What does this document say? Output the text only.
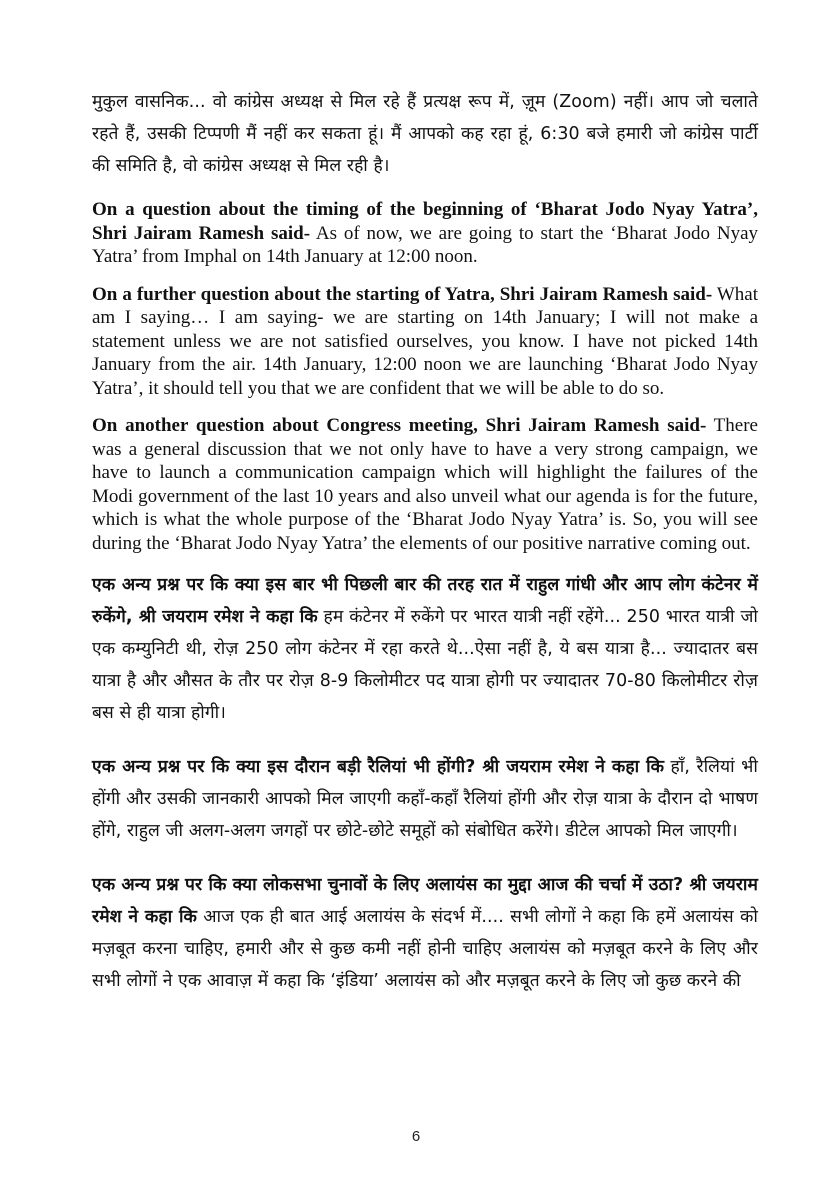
मुकुल वासनिक... वो कांग्रेस अध्यक्ष से मिल रहे हैं प्रत्यक्ष रूप में, ज़ूम (Zoom) नहीं। आप जो चलाते रहते हैं, उसकी टिप्पणी मैं नहीं कर सकता हूं। मैं आपको कह रहा हूं, 6:30 बजे हमारी जो कांग्रेस पार्टी की समिति है, वो कांग्रेस अध्यक्ष से मिल रही है।

On a question about the timing of the beginning of ‘Bharat Jodo Nyay Yatra’, Shri Jairam Ramesh said- As of now, we are going to start the ‘Bharat Jodo Nyay Yatra’ from Imphal on 14th January at 12:00 noon.

On a further question about the starting of Yatra, Shri Jairam Ramesh said- What am I saying… I am saying- we are starting on 14th January; I will not make a statement unless we are not satisfied ourselves, you know. I have not picked 14th January from the air. 14th January, 12:00 noon we are launching ‘Bharat Jodo Nyay Yatra’, it should tell you that we are confident that we will be able to do so.

On another question about Congress meeting, Shri Jairam Ramesh said- There was a general discussion that we not only have to have a very strong campaign, we have to launch a communication campaign which will highlight the failures of the Modi government of the last 10 years and also unveil what our agenda is for the future, which is what the whole purpose of the ‘Bharat Jodo Nyay Yatra’ is. So, you will see during the ‘Bharat Jodo Nyay Yatra’ the elements of our positive narrative coming out.

एक अन्य प्रश्न पर कि क्या इस बार भी पिछली बार की तरह रात में राहुल गांधी और आप लोग कंटेनर में रुकेंगे, श्री जयराम रमेश ने कहा कि हम कंटेनर में रुकेंगे पर भारत यात्री नहीं रहेंगे... 250 भारत यात्री जो एक कम्युनिटी थी, रोज़ 250 लोग कंटेनर में रहा करते थे...ऐसा नहीं है, ये बस यात्रा है... ज्यादातर बस यात्रा है और औसत के तौर पर रोज़ 8-9 किलोमीटर पद यात्रा होगी पर ज्यादातर 70-80 किलोमीटर रोज़ बस से ही यात्रा होगी।

एक अन्य प्रश्न पर कि क्या इस दौरान बड़ी रैलियां भी होंगी? श्री जयराम रमेश ने कहा कि हाँ, रैलियां भी होंगी और उसकी जानकारी आपको मिल जाएगी कहाँ-कहाँ रैलियां होंगी और रोज़ यात्रा के दौरान दो भाषण होंगे, राहुल जी अलग-अलग जगहों पर छोटे-छोटे समूहों को संबोधित करेंगे। डीटेल आपको मिल जाएगी।

एक अन्य प्रश्न पर कि क्या लोकसभा चुनावों के लिए अलायंस का मुद्दा आज की चर्चा में उठा? श्री जयराम रमेश ने कहा कि आज एक ही बात आई अलायंस के संदर्भ में.... सभी लोगों ने कहा कि हमें अलायंस को मज़बूत करना चाहिए, हमारी और से कुछ कमी नहीं होनी चाहिए अलायंस को मज़बूत करने के लिए और सभी लोगों ने एक आवाज़ में कहा कि ‘इंडिया’ अलायंस को और मज़बूत करने के लिए जो कुछ करने की

6
